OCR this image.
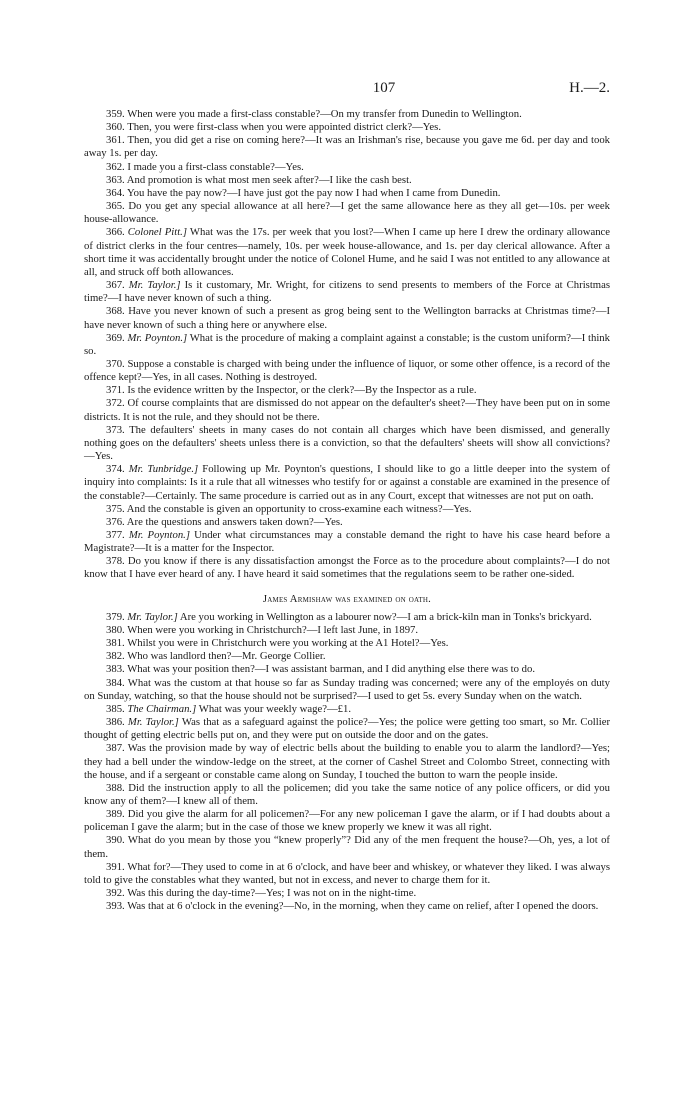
107	H.—2.

359. When were you made a first-class constable?—On my transfer from Dunedin to Wellington.

360. Then, you were first-class when you were appointed district clerk?—Yes.

361. Then, you did get a rise on coming here?—It was an Irishman's rise, because you gave me 6d. per day and took away 1s. per day.

362. I made you a first-class constable?—Yes.

363. And promotion is what most men seek after?—I like the cash best.

364. You have the pay now?—I have just got the pay now I had when I came from Dunedin.

365. Do you get any special allowance at all here?—I get the same allowance here as they all get—10s. per week house-allowance.

366. Colonel Pitt.] What was the 17s. per week that you lost?—When I came up here I drew the ordinary allowance of district clerks in the four centres—namely, 10s. per week house-allowance, and 1s. per day clerical allowance. After a short time it was accidentally brought under the notice of Colonel Hume, and he said I was not entitled to any allowance at all, and struck off both allowances.

367. Mr. Taylor.] Is it customary, Mr. Wright, for citizens to send presents to members of the Force at Christmas time?—I have never known of such a thing.

368. Have you never known of such a present as grog being sent to the Wellington barracks at Christmas time?—I have never known of such a thing here or anywhere else.

369. Mr. Poynton.] What is the procedure of making a complaint against a constable; is the custom uniform?—I think so.

370. Suppose a constable is charged with being under the influence of liquor, or some other offence, is a record of the offence kept?—Yes, in all cases. Nothing is destroyed.

371. Is the evidence written by the Inspector, or the clerk?—By the Inspector as a rule.

372. Of course complaints that are dismissed do not appear on the defaulter's sheet?—They have been put on in some districts. It is not the rule, and they should not be there.

373. The defaulters' sheets in many cases do not contain all charges which have been dismissed, and generally nothing goes on the defaulters' sheets unless there is a conviction, so that the defaulters' sheets will show all convictions?—Yes.

374. Mr. Tunbridge.] Following up Mr. Poynton's questions, I should like to go a little deeper into the system of inquiry into complaints: Is it a rule that all witnesses who testify for or against a constable are examined in the presence of the constable?—Certainly. The same procedure is carried out as in any Court, except that witnesses are not put on oath.

375. And the constable is given an opportunity to cross-examine each witness?—Yes.

376. Are the questions and answers taken down?—Yes.

377. Mr. Poynton.] Under what circumstances may a constable demand the right to have his case heard before a Magistrate?—It is a matter for the Inspector.

378. Do you know if there is any dissatisfaction amongst the Force as to the procedure about complaints?—I do not know that I have ever heard of any. I have heard it said sometimes that the regulations seem to be rather one-sided.

James Armishaw was examined on oath.

379. Mr. Taylor.] Are you working in Wellington as a labourer now?—I am a brick-kiln man in Tonks's brickyard.

380. When were you working in Christchurch?—I left last June, in 1897.

381. Whilst you were in Christchurch were you working at the A1 Hotel?—Yes.

382. Who was landlord then?—Mr. George Collier.

383. What was your position then?—I was assistant barman, and I did anything else there was to do.

384. What was the custom at that house so far as Sunday trading was concerned; were any of the employés on duty on Sunday, watching, so that the house should not be surprised?—I used to get 5s. every Sunday when on the watch.

385. The Chairman.] What was your weekly wage?—£1.

386. Mr. Taylor.] Was that as a safeguard against the police?—Yes; the police were getting too smart, so Mr. Collier thought of getting electric bells put on, and they were put on outside the door and on the gates.

387. Was the provision made by way of electric bells about the building to enable you to alarm the landlord?—Yes; they had a bell under the window-ledge on the street, at the corner of Cashel Street and Colombo Street, connecting with the house, and if a sergeant or constable came along on Sunday, I touched the button to warn the people inside.

388. Did the instruction apply to all the policemen; did you take the same notice of any police officers, or did you know any of them?—I knew all of them.

389. Did you give the alarm for all policemen?—For any new policeman I gave the alarm, or if I had doubts about a policeman I gave the alarm; but in the case of those we knew properly we knew it was all right.

390. What do you mean by those you “knew properly”? Did any of the men frequent the house?—Oh, yes, a lot of them.

391. What for?—They used to come in at 6 o'clock, and have beer and whiskey, or whatever they liked. I was always told to give the constables what they wanted, but not in excess, and never to charge them for it.

392. Was this during the day-time?—Yes; I was not on in the night-time.

393. Was that at 6 o'clock in the evening?—No, in the morning, when they came on relief, after I opened the doors.
